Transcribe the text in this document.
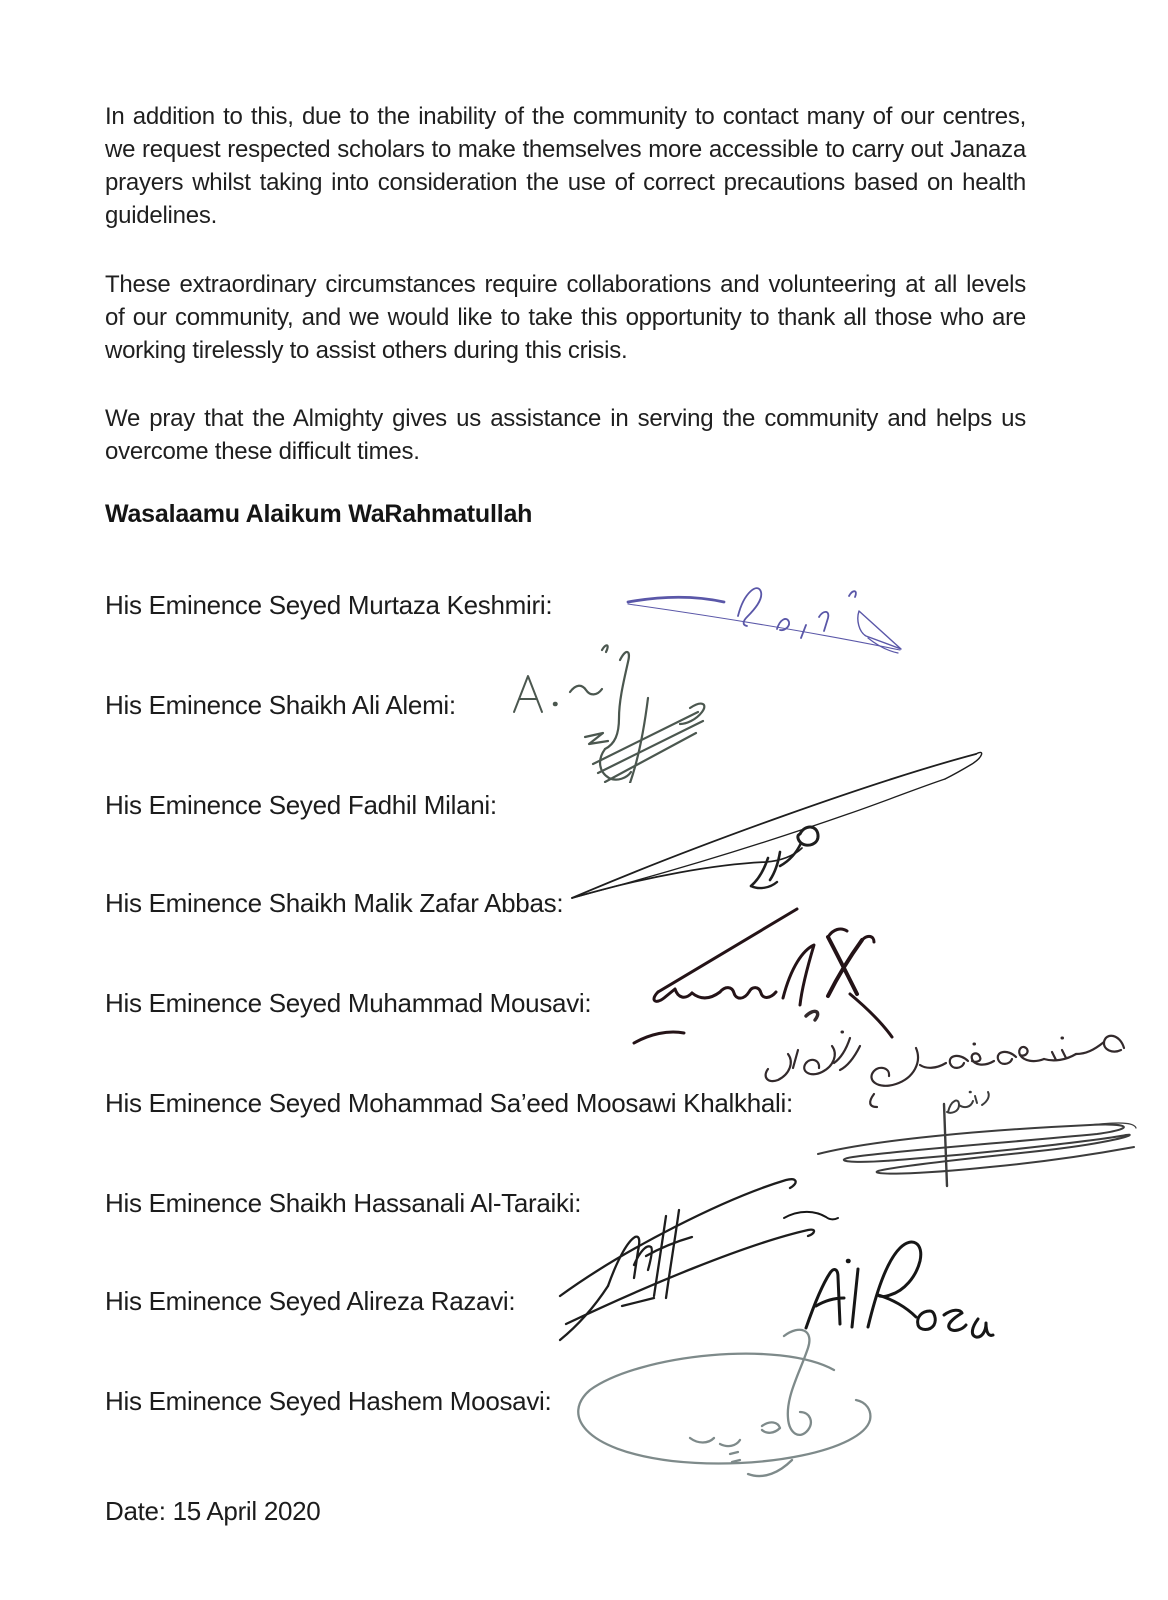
In addition to this, due to the inability of the community to contact many of our centres, we request respected scholars to make themselves more accessible to carry out Janaza prayers whilst taking into consideration the use of correct precautions based on health guidelines.
These extraordinary circumstances require collaborations and volunteering at all levels of our community, and we would like to take this opportunity to thank all those who are working tirelessly to assist others during this crisis.
We pray that the Almighty gives us assistance in serving the community and helps us overcome these difficult times.
Wasalaamu Alaikum WaRahmatullah
His Eminence Seyed Murtaza Keshmiri:
His Eminence Shaikh Ali Alemi:
His Eminence Seyed Fadhil Milani:
His Eminence Shaikh Malik Zafar Abbas:
His Eminence Seyed Muhammad Mousavi:
His Eminence Seyed Mohammad Sa’eed Moosawi Khalkhali:
His Eminence Shaikh Hassanali Al-Taraiki:
His Eminence Seyed Alireza Razavi:
His Eminence Seyed Hashem Moosavi:
Date: 15 April 2020
